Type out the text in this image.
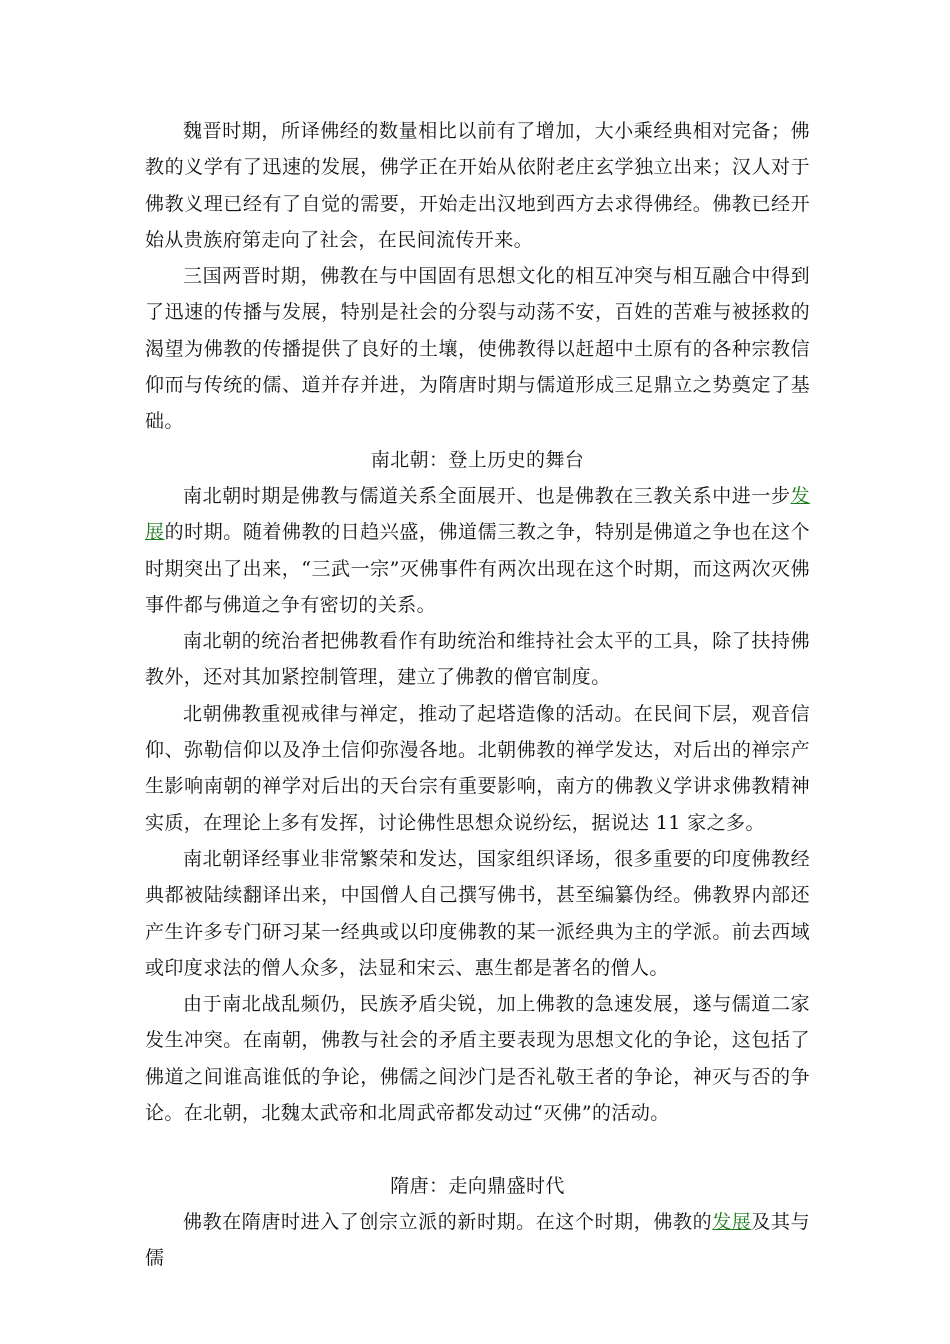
魏晋时期，所译佛经的数量相比以前有了增加，大小乘经典相对完备；佛教的义学有了迅速的发展，佛学正在开始从依附老庄玄学独立出来；汉人对于佛教义理已经有了自觉的需要，开始走出汉地到西方去求得佛经。佛教已经开始从贵族府第走向了社会，在民间流传开来。

三国两晋时期，佛教在与中国固有思想文化的相互冲突与相互融合中得到了迅速的传播与发展，特别是社会的分裂与动荡不安，百姓的苦难与被拯救的渴望为佛教的传播提供了良好的土壤，使佛教得以赶超中土原有的各种宗教信仰而与传统的儒、道并存并进，为隋唐时期与儒道形成三足鼎立之势奠定了基础。

南北朝：登上历史的舞台

南北朝时期是佛教与儒道关系全面展开、也是佛教在三教关系中进一步发展的时期。随着佛教的日趋兴盛，佛道儒三教之争，特别是佛道之争也在这个时期突出了出来，“三武一宗”灭佛事件有两次出现在这个时期，而这两次灭佛事件都与佛道之争有密切的关系。

南北朝的统治者把佛教看作有助统治和维持社会太平的工具，除了扶持佛教外，还对其加紧控制管理，建立了佛教的僧官制度。

北朝佛教重视戒律与禅定，推动了起塔造像的活动。在民间下层，观音信仰、弥勒信仰以及净土信仰弥漫各地。北朝佛教的禅学发达，对后出的禅宗产生影响南朝的禅学对后出的天台宗有重要影响，南方的佛教义学讲求佛教精神实质，在理论上多有发挥，讨论佛性思想众说纷纭，据说达 11 家之多。

南北朝译经事业非常繁荣和发达，国家组织译场，很多重要的印度佛教经典都被陆续翻译出来，中国僧人自己撰写佛书，甚至编纂伪经。佛教界内部还产生许多专门研习某一经典或以印度佛教的某一派经典为主的学派。前去西域或印度求法的僧人众多，法显和宋云、惠生都是著名的僧人。

由于南北战乱频仍，民族矛盾尖锐，加上佛教的急速发展，遂与儒道二家发生冲突。在南朝，佛教与社会的矛盾主要表现为思想文化的争论，这包括了佛道之间谁高谁低的争论，佛儒之间沙门是否礼敬王者的争论，神灭与否的争论。在北朝，北魏太武帝和北周武帝都发动过“灭佛”的活动。

隋唐：走向鼎盛时代

佛教在隋唐时进入了创宗立派的新时期。在这个时期，佛教的发展及其与儒
